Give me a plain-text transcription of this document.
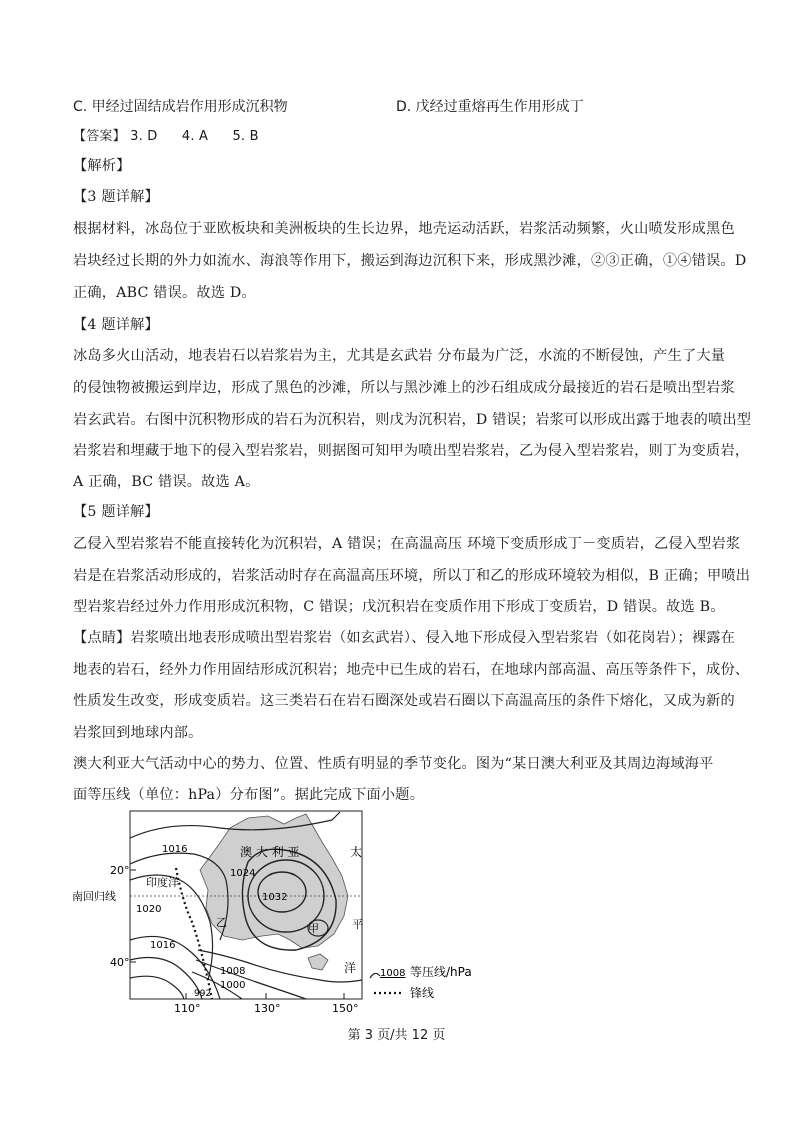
C. 甲经过固结成岩作用形成沉积物	D. 戊经过重熔再生作用形成丁
【答案】 3. D 4. A 5. B
【解析】
【3 题详解】
根据材料，冰岛位于亚欧板块和美洲板块的生长边界，地壳运动活跃，岩浆活动频繁，火山喷发形成黑色
岩块经过长期的外力如流水、海浪等作用下，搬运到海边沉积下来，形成黑沙滩，②③正确，①④错误。D
正确，ABC 错误。故选 D。
【4 题详解】
冰岛多火山活动，地表岩石以岩浆岩为主，尤其是玄武岩 分布最为广泛，水流的不断侵蚀，产生了大量
的侵蚀物被搬运到岸边，形成了黑色的沙滩，所以与黑沙滩上的沙石组成成分最接近的岩石是喷出型岩浆
岩玄武岩。右图中沉积物形成的岩石为沉积岩，则戊为沉积岩，D 错误；岩浆可以形成出露于地表的喷出型
岩浆岩和埋藏于地下的侵入型岩浆岩，则据图可知甲为喷出型岩浆岩，乙为侵入型岩浆岩，则丁为变质岩，
A 正确，BC 错误。故选 A。
【5 题详解】
乙侵入型岩浆岩不能直接转化为沉积岩，A 错误；在高温高压 环境下变质形成丁－变质岩，乙侵入型岩浆
岩是在岩浆活动形成的，岩浆活动时存在高温高压环境，所以丁和乙的形成环境较为相似，B 正确；甲喷出
型岩浆岩经过外力作用形成沉积物，C 错误；戊沉积岩在变质作用下形成丁变质岩，D 错误。故选 B。
【点睛】岩浆喷出地表形成喷出型岩浆岩（如玄武岩）、侵入地下形成侵入型岩浆岩（如花岗岩）；裸露在
地表的岩石，经外力作用固结形成沉积岩；地壳中已生成的岩石，在地球内部高温、高压等条件下，成份、
性质发生改变，形成变质岩。这三类岩石在岩石圈深处或岩石圈以下高温高压的条件下熔化，又成为新的
岩浆回到地球内部。
澳大利亚大气活动中心的势力、位置、性质有明显的季节变化。图为“某日澳大利亚及其周边海域海平
面等压线（单位：hPa）分布图”。据此完成下面小题。
澳 大 利 亚	太
平
洋
印度洋
南回归线
甲
乙
1016
1024
1032
1020
1016
1008
1000
992
20°
40°
110°	130°	150°
1008 等压线/hPa
锋线
第 3 页/共 12 页
